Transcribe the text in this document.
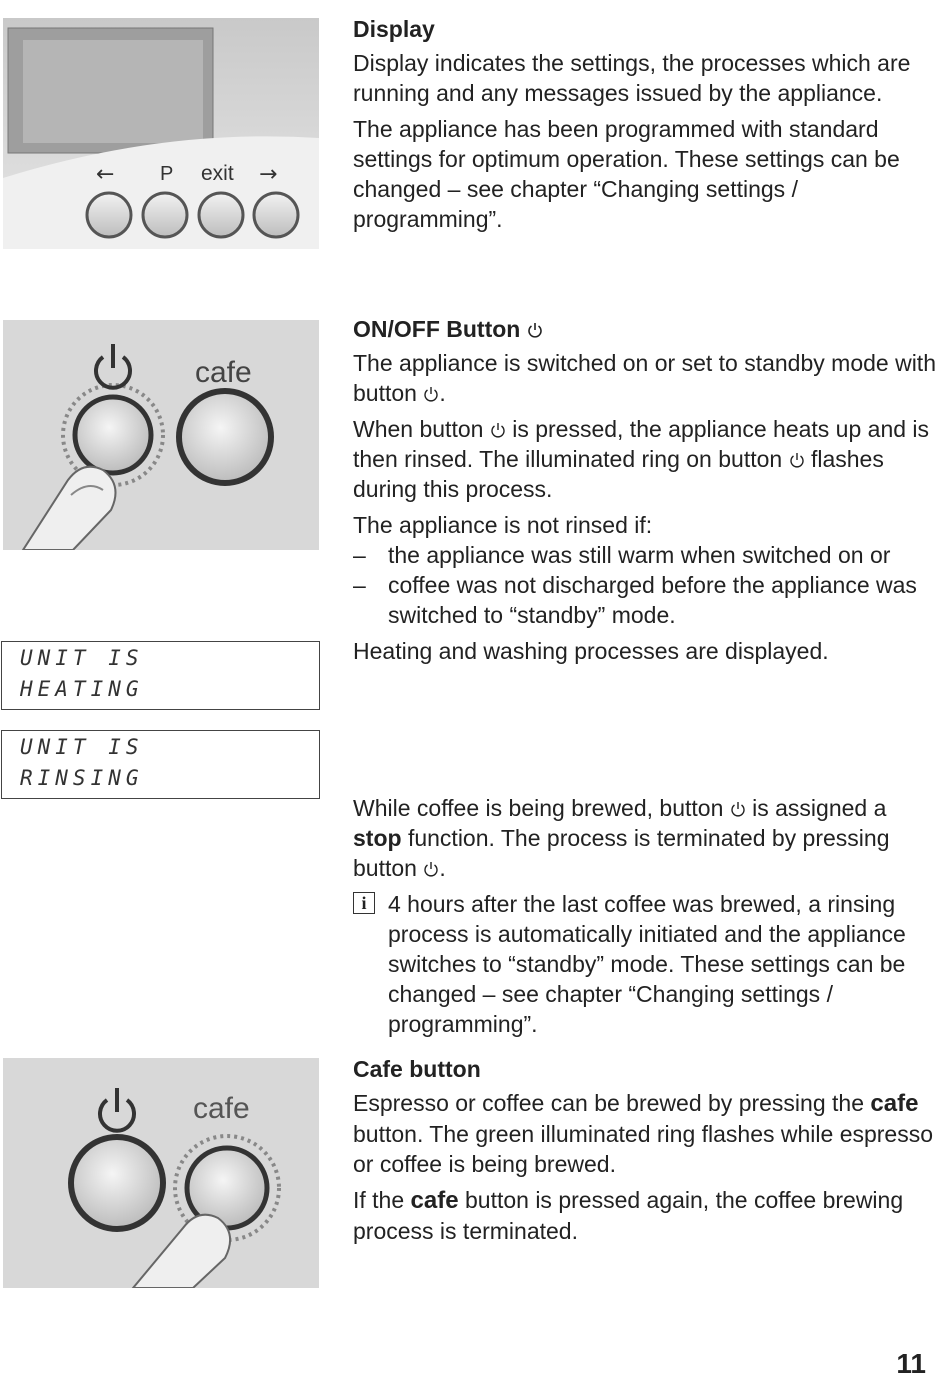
← P exit →
cafe
UNIT IS
HEATING
UNIT IS
RINSING
cafe

Display

Display indicates the settings, the processes which are running and any messages issued by the appliance.

The appliance has been programmed with standard settings for optimum operation. These settings can be changed – see chapter “Changing settings / programming”.

ON/OFF Button

The appliance is switched on or set to standby mode with button .

When button is pressed, the appliance heats up and is then rinsed. The illuminated ring on button flashes during this process.

The appliance is not rinsed if:

– the appliance was still warm when switched on or
– coffee was not discharged before the appliance was switched to “standby” mode.

Heating and washing processes are displayed.

While coffee is being brewed, button is assigned a stop function. The process is terminated by pressing button .

i 4 hours after the last coffee was brewed, a rinsing process is automatically initiated and the appliance switches to “standby” mode. These settings can be changed – see chapter “Changing settings / programming”.

Cafe button

Espresso or coffee can be brewed by pressing the cafe button. The green illuminated ring flashes while espresso or coffee is being brewed.

If the cafe button is pressed again, the coffee brewing process is terminated.

11
